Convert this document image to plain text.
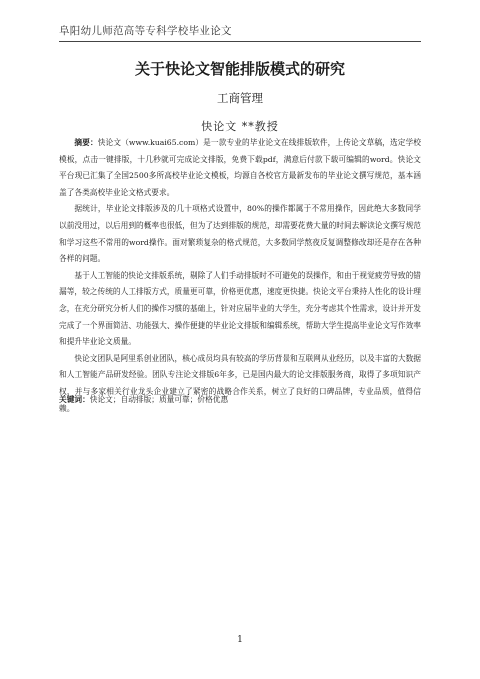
阜阳幼儿师范高等专科学校毕业论文
关于快论文智能排版模式的研究
工商管理
快论文 **教授

摘要：快论文（www.kuai65.com）是一款专业的毕业论文在线排版软件，上传论文草稿，选定学校模板，点击一键排版，十几秒就可完成论文排版，免费下载pdf，满意后付款下载可编辑的word。快论文平台现已汇集了全国2500多所高校毕业论文模板，均源自各校官方最新发布的毕业论文撰写规范，基本涵盖了各类高校毕业论文格式要求。

据统计，毕业论文排版涉及的几十项格式设置中，80%的操作都属于不常用操作，因此绝大多数同学以前没用过，以后用到的概率也很低，但为了达到排版的规范，却需要花费大量的时间去解读论文撰写规范和学习这些不常用的word操作。面对繁琐复杂的格式规范，大多数同学熬夜反复调整修改却还是存在各种各样的问题。

基于人工智能的快论文排版系统，剔除了人们手动排版时不可避免的误操作，和由于视觉疲劳导致的错漏等，较之传统的人工排版方式，质量更可靠，价格更优惠，速度更快捷。快论文平台秉持人性化的设计理念，在充分研究分析人们的操作习惯的基础上，针对应届毕业的大学生，充分考虑其个性需求，设计并开发完成了一个界面简洁、功能强大、操作便捷的毕业论文排版和编辑系统，帮助大学生提高毕业论文写作效率和提升毕业论文质量。

快论文团队是阿里系创业团队，核心成员均具有较高的学历背景和互联网从业经历，以及丰富的大数据和人工智能产品研发经验。团队专注论文排版6年多，已是国内最大的论文排版服务商，取得了多项知识产权，并与多家相关行业龙头企业建立了紧密的战略合作关系，树立了良好的口碑品牌，专业品质，值得信赖。

关键词：快论文；自动排版；质量可靠；价格优惠
1
